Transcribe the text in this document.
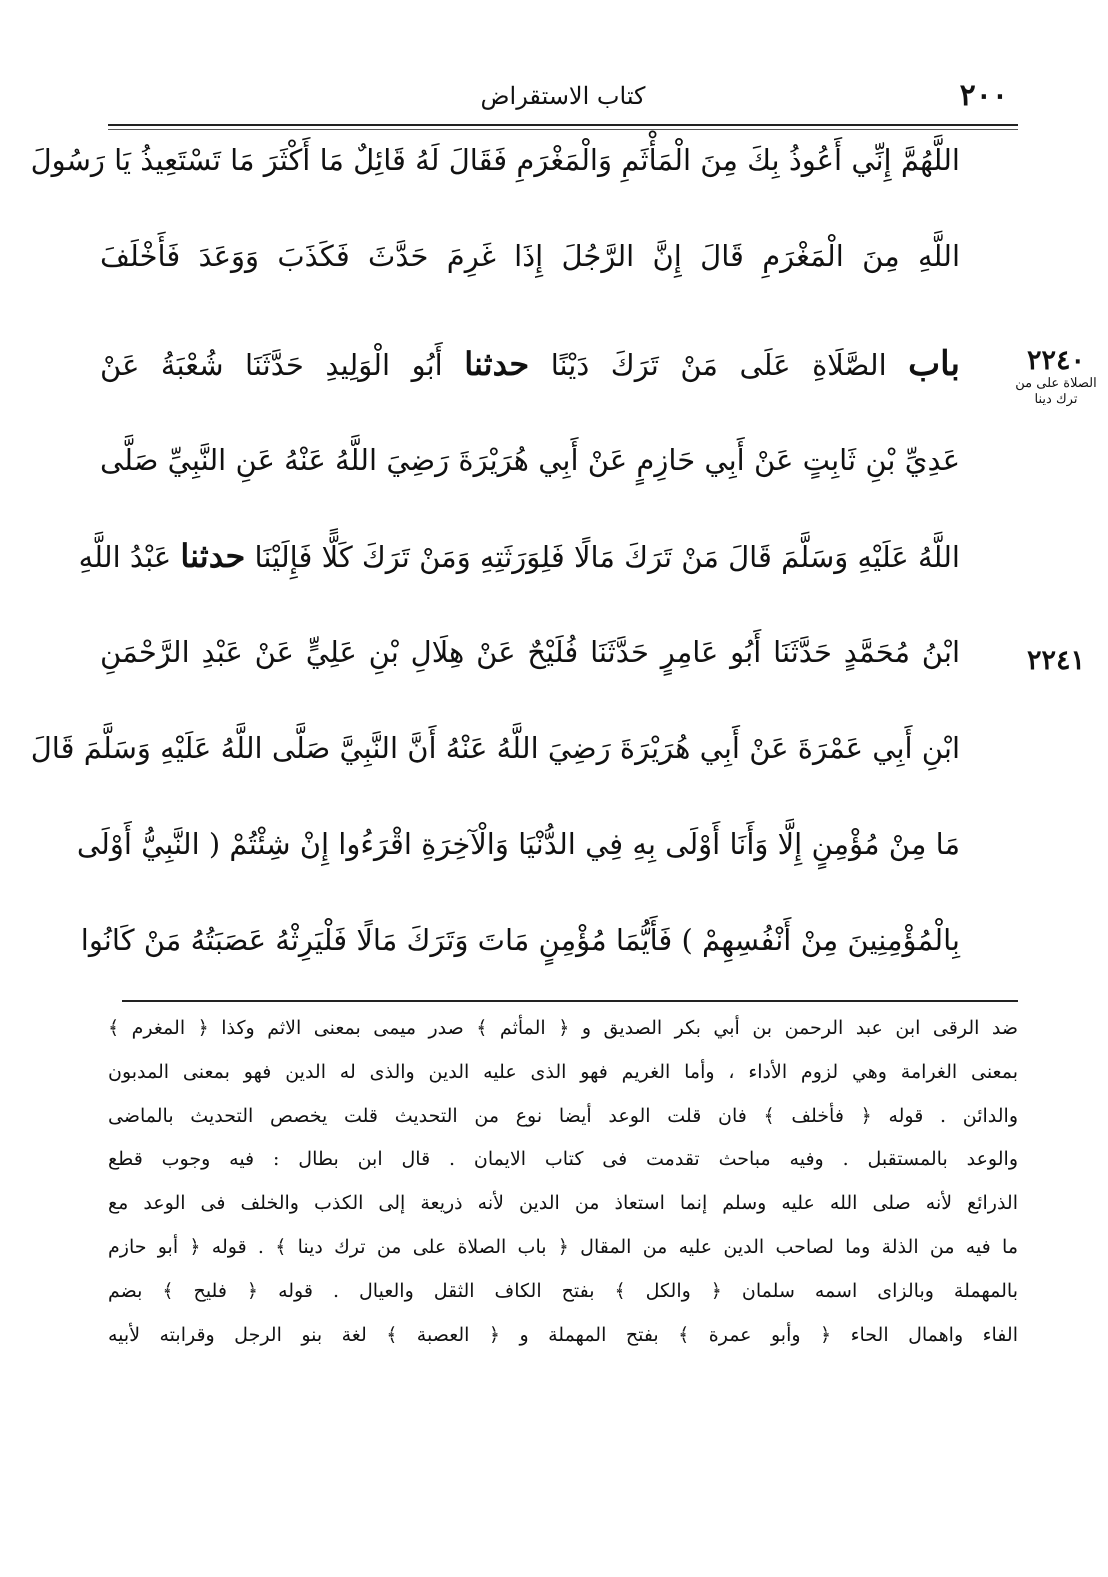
٢٠٠
كتاب الاستقراض
٢٢٤٠
الصلاة على من ترك دينا
٢٢٤١
اللَّهُمَّ إِنِّي أَعُوذُ بِكَ مِنَ الْمَأْثَمِ وَالْمَغْرَمِ فَقَالَ لَهُ قَائِلٌ مَا أَكْثَرَ مَا تَسْتَعِيذُ يَا رَسُولَ
اللَّهِ مِنَ الْمَغْرَمِ قَالَ إِنَّ الرَّجُلَ إِذَا غَرِمَ حَدَّثَ فَكَذَبَ وَوَعَدَ فَأَخْلَفَ
باب الصَّلَاةِ عَلَى مَنْ تَرَكَ دَيْنًا حدثنا أَبُو الْوَلِيدِ حَدَّثَنَا شُعْبَةُ عَنْ
عَدِيِّ بْنِ ثَابِتٍ عَنْ أَبِي حَازِمٍ عَنْ أَبِي هُرَيْرَةَ رَضِيَ اللَّهُ عَنْهُ عَنِ النَّبِيِّ صَلَّى
اللَّهُ عَلَيْهِ وَسَلَّمَ قَالَ مَنْ تَرَكَ مَالًا فَلِوَرَثَتِهِ وَمَنْ تَرَكَ كَلًّا فَإِلَيْنَا حدثنا عَبْدُ اللَّهِ
ابْنُ مُحَمَّدٍ حَدَّثَنَا أَبُو عَامِرٍ حَدَّثَنَا فُلَيْحٌ عَنْ هِلَالِ بْنِ عَلِيٍّ عَنْ عَبْدِ الرَّحْمَنِ
ابْنِ أَبِي عَمْرَةَ عَنْ أَبِي هُرَيْرَةَ رَضِيَ اللَّهُ عَنْهُ أَنَّ النَّبِيَّ صَلَّى اللَّهُ عَلَيْهِ وَسَلَّمَ قَالَ
مَا مِنْ مُؤْمِنٍ إِلَّا وَأَنَا أَوْلَى بِهِ فِي الدُّنْيَا وَالْآخِرَةِ اقْرَءُوا إِنْ شِئْتُمْ ( النَّبِيُّ أَوْلَى
بِالْمُؤْمِنِينَ مِنْ أَنْفُسِهِمْ ) فَأَيُّمَا مُؤْمِنٍ مَاتَ وَتَرَكَ مَالًا فَلْيَرِثْهُ عَصَبَتُهُ مَنْ كَانُوا
ضد الرقى ابن عبد الرحمن بن أبي بكر الصديق و ﴿ المأثم ﴾ صدر ميمى بمعنى الاثم وكذا ﴿ المغرم ﴾
بمعنى الغرامة وهي لزوم الأداء ، وأما الغريم فهو الذى عليه الدين والذى له الدين فهو بمعنى المدبون
والدائن . قوله ﴿ فأخلف ﴾ فان قلت الوعد أيضا نوع من التحديث قلت يخصص التحديث بالماضى
والوعد بالمستقبل . وفيه مباحث تقدمت فى كتاب الايمان . قال ابن بطال : فيه وجوب قطع
الذرائع لأنه صلى الله عليه وسلم إنما استعاذ من الدين لأنه ذريعة إلى الكذب والخلف فى الوعد مع
ما فيه من الذلة وما لصاحب الدين عليه من المقال ﴿ باب الصلاة على من ترك دينا ﴾ . قوله ﴿ أبو حازم
بالمهملة وبالزاى اسمه سلمان ﴿ والكل ﴾ بفتح الكاف الثقل والعيال . قوله ﴿ فليح ﴾ بضم
الفاء واهمال الحاء ﴿ وأبو عمرة ﴾ بفتح المهملة و ﴿ العصبة ﴾ لغة بنو الرجل وقرابته لأبيه
